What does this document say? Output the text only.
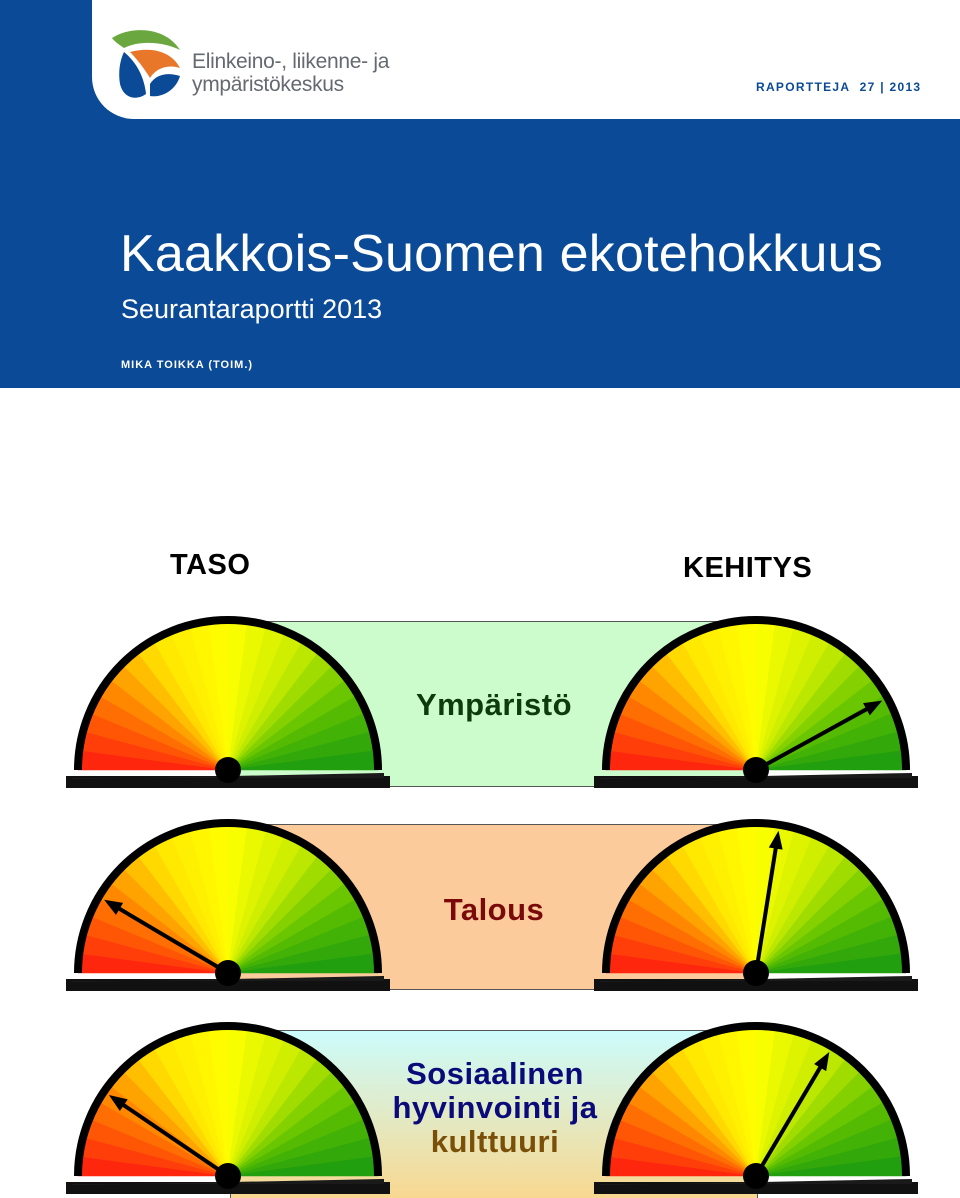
Elinkeino-, liikenne- ja
ympäristökeskus	RAPORTTEJA 27 | 2013
Kaakkois-Suomen ekotehokkuus
Seurantaraportti 2013
MIKA TOIKKA (TOIM.)
TASO	KEHITYS
Ympäristö
Talous
Sosiaalinen
hyvinvointi ja
kulttuuri
